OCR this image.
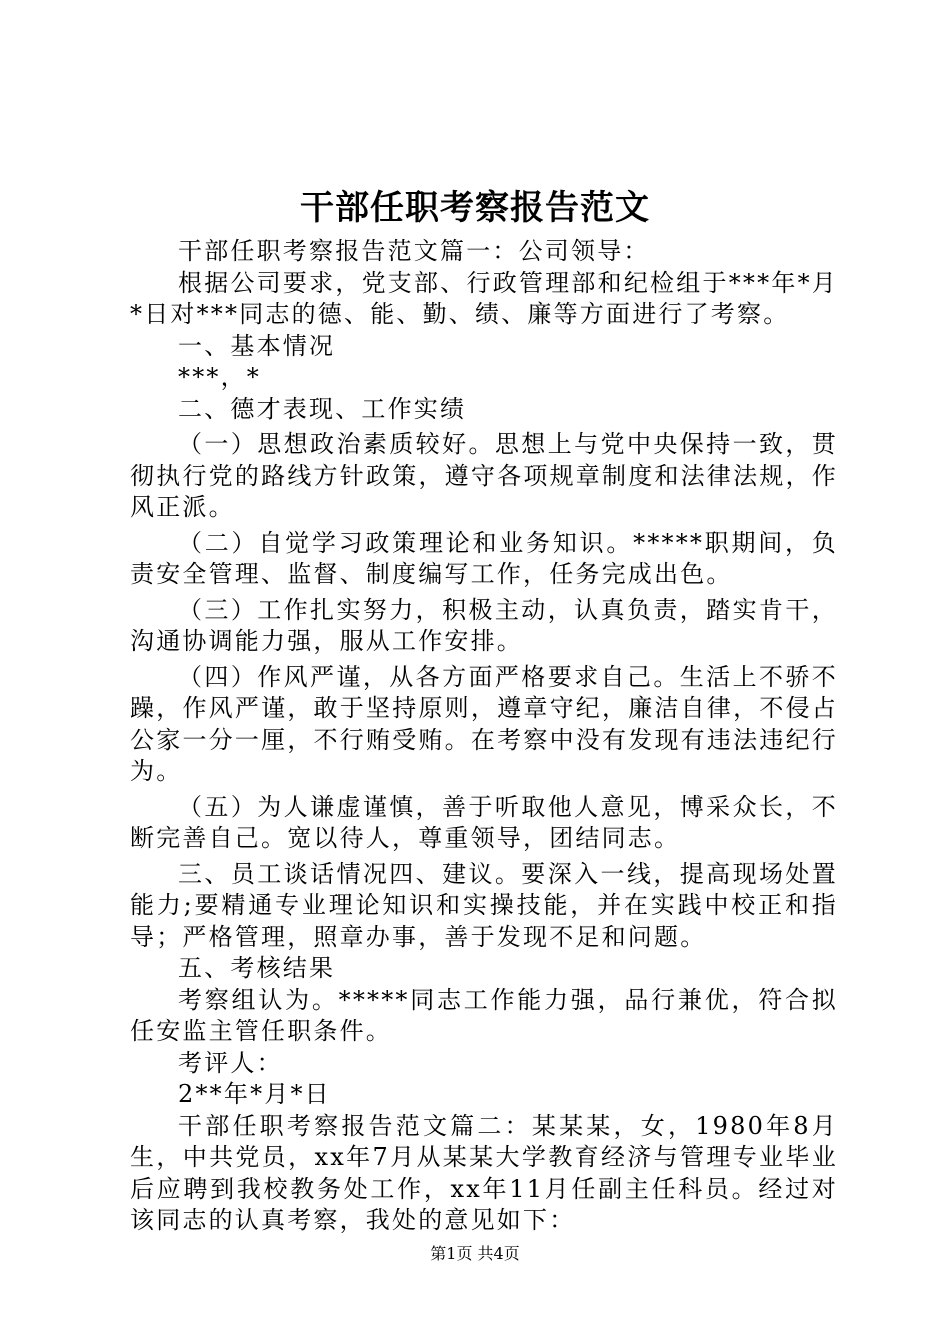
干部任职考察报告范文

干部任职考察报告范文篇一：公司领导：

根据公司要求，党支部、行政管理部和纪检组于***年*月*日对***同志的德、能、勤、绩、廉等方面进行了考察。

一、基本情况

***，*

二、德才表现、工作实绩

（一）思想政治素质较好。思想上与党中央保持一致，贯彻执行党的路线方针政策，遵守各项规章制度和法律法规，作风正派。

（二）自觉学习政策理论和业务知识。*****职期间，负责安全管理、监督、制度编写工作，任务完成出色。

（三）工作扎实努力，积极主动，认真负责，踏实肯干，沟通协调能力强，服从工作安排。

（四）作风严谨，从各方面严格要求自己。生活上不骄不躁，作风严谨，敢于坚持原则，遵章守纪，廉洁自律，不侵占公家一分一厘，不行贿受贿。在考察中没有发现有违法违纪行为。

（五）为人谦虚谨慎，善于听取他人意见，博采众长，不断完善自己。宽以待人，尊重领导，团结同志。

三、员工谈话情况四、建议。要深入一线，提高现场处置能力;要精通专业理论知识和实操技能，并在实践中校正和指导；严格管理，照章办事，善于发现不足和问题。

五、考核结果

考察组认为。*****同志工作能力强，品行兼优，符合拟任安监主管任职条件。

考评人：

2**年*月*日

干部任职考察报告范文篇二：某某某，女，1980年8月生，中共党员，xx年7月从某某大学教育经济与管理专业毕业后应聘到我校教务处工作，xx年11月任副主任科员。经过对该同志的认真考察，我处的意见如下：

第1页 共4页
